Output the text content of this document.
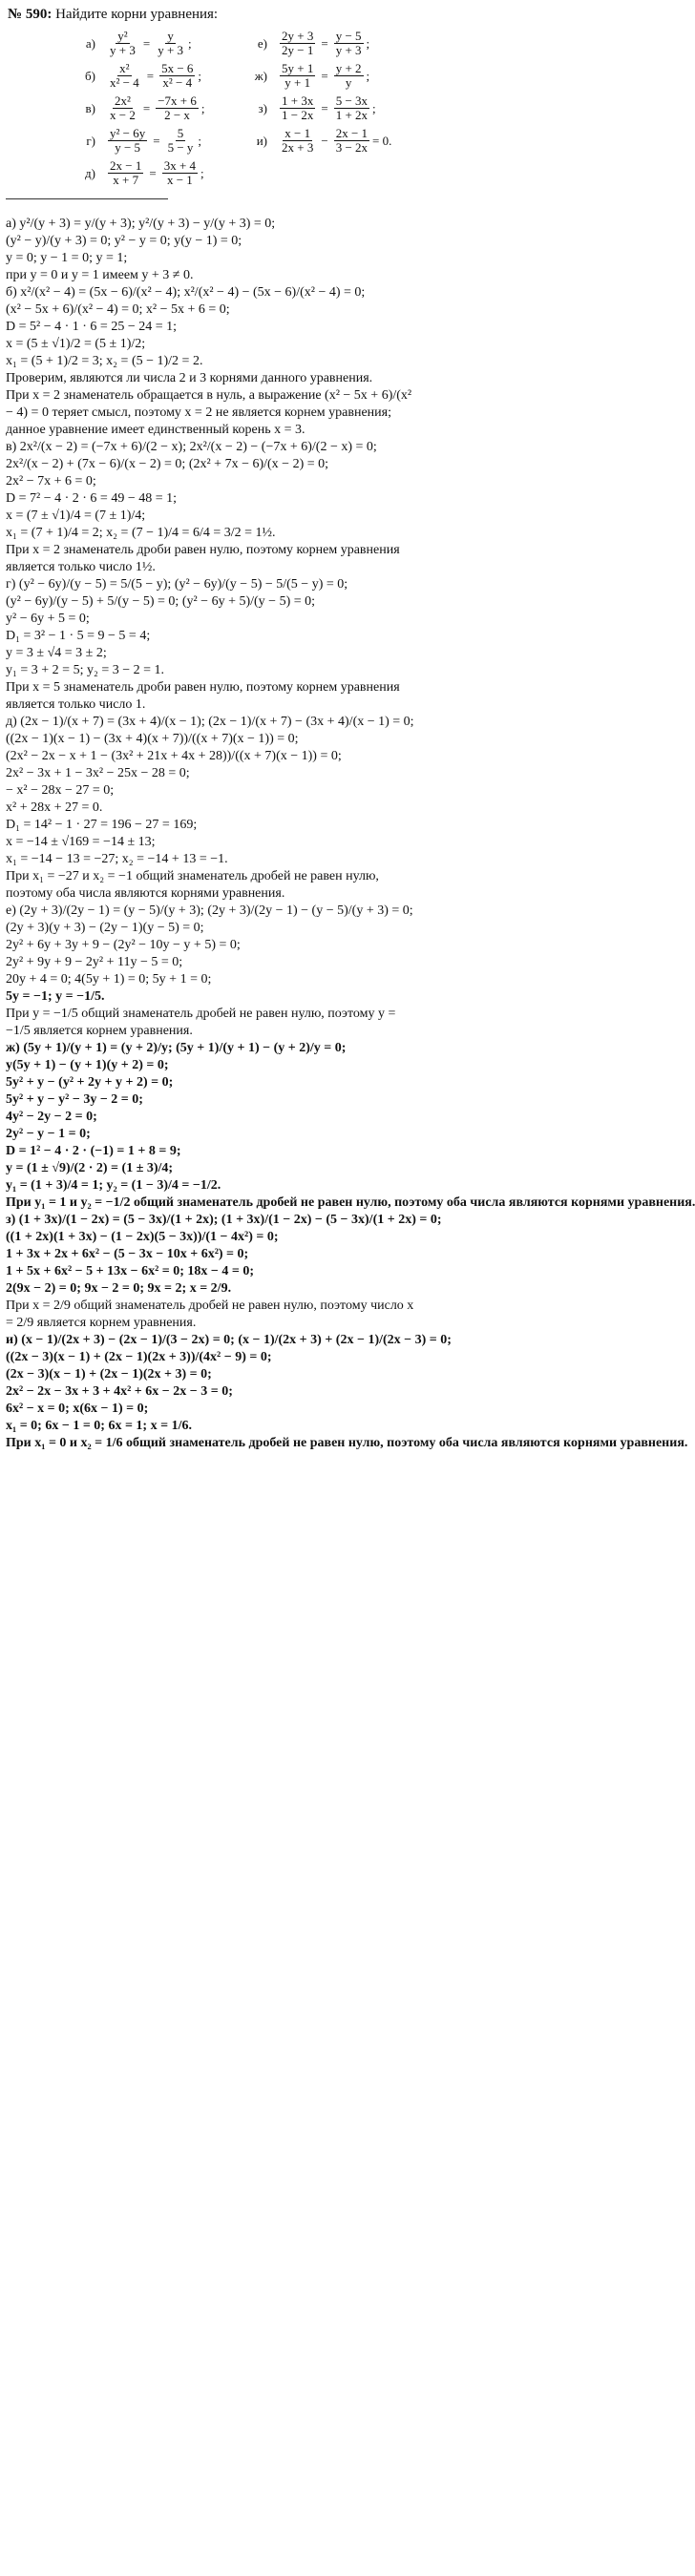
№ 590: Найдите корни уравнения:
$а) \frac{\text{y²}}{y + 3} = \frac{y}{y + 3}$ ;	$е) \frac{2y + 3}{2y - 1} = \frac{y - 5}{y + 3}$ ;
$б) \frac{\text{x²}}{\text{x² − 4}} = \frac{5x - 6}{\text{x² − 4}}$ ;	$ж) \frac{5y + 1}{y + 1} = \frac{y + 2}{y}$ ;
$в) \frac{\text{2x²}}{x - 2} = \frac{-7x + 6}{2 - x}$ ;	$з) \frac{1 + 3x}{1 - 2x} = \frac{5 - 3x}{1 + 2x}$ ;
$г) \frac{\text{y² − 6y}}{y - 5} = \frac{5}{5 - y}$ ;	$и) \frac{x - 1}{2x + 3} - \frac{2x - 1}{3 - 2x} = 0$.
$д) \frac{2x - 1}{x + 7} = \frac{3x + 4}{x - 1}$ ;
а) y²/(y + 3) = y/(y + 3); y²/(y + 3) − y/(y + 3) = 0;
(y² − y)/(y + 3) = 0; y² − y = 0; y(y − 1) = 0;
y = 0; y − 1 = 0; y = 1;
при y = 0 и y = 1 имеем y + 3 ≠ 0.
б) x²/(x² − 4) = (5x − 6)/(x² − 4); x²/(x² − 4) − (5x − 6)/(x² − 4) = 0;
(x² − 5x + 6)/(x² − 4) = 0; x² − 5x + 6 = 0;
D = 5² − 4 · 1 · 6 = 25 − 24 = 1;
x = (5 ± √1)/2 = (5 ± 1)/2;
x₁ = (5 + 1)/2 = 3; x₂ = (5 − 1)/2 = 2.
Проверим, являются ли числа 2 и 3 корнями данного уравнения.
При x = 2 знаменатель обращается в нуль, а выражение (x² − 5x + 6)/(x² − 4) = 0 теряет смысл, поэтому x = 2 не является корнем уравнения; данное уравнение имеет единственный корень x = 3.
в) 2x²/(x − 2) = (−7x + 6)/(2 − x); 2x²/(x − 2) − (−7x + 6)/(2 − x) = 0;
2x²/(x − 2) + (7x − 6)/(x − 2) = 0; (2x² + 7x − 6)/(x − 2) = 0;
2x² − 7x + 6 = 0;
D = 7² − 4 · 2 · 6 = 49 − 48 = 1;
x = (7 ± √1)/4 = (7 ± 1)/4;
x₁ = (7 + 1)/4 = 2; x₂ = (7 − 1)/4 = 6/4 = 3/2 = 1½.
При x = 2 знаменатель дроби равен нулю, поэтому корнем уравнения является только число 1½.
г) (y² − 6y)/(y − 5) = 5/(5 − y); (y² − 6y)/(y − 5) − 5/(5 − y) = 0;
(y² − 6y)/(y − 5) + 5/(y − 5) = 0; (y² − 6y + 5)/(y − 5) = 0;
y² − 6y + 5 = 0;
D₁ = 3² − 1 · 5 = 9 − 5 = 4;
y = 3 ± √4 = 3 ± 2;
y₁ = 3 + 2 = 5; y₂ = 3 − 2 = 1.
При x = 5 знаменатель дроби равен нулю, поэтому корнем уравнения является только число 1.
д) (2x − 1)/(x + 7) = (3x + 4)/(x − 1); (2x − 1)/(x + 7) − (3x + 4)/(x − 1) = 0;
((2x − 1)(x − 1) − (3x + 4)(x + 7))/((x + 7)(x − 1)) = 0;
(2x² − 2x − x + 1 − (3x² + 21x + 4x + 28))/((x + 7)(x − 1)) = 0;
2x² − 3x + 1 − 3x² − 25x − 28 = 0;
− x² − 28x − 27 = 0;
x² + 28x + 27 = 0.
D₁ = 14² − 1 · 27 = 196 − 27 = 169;
x = −14 ± √169 = −14 ± 13;
x₁ = −14 − 13 = −27; x₂ = −14 + 13 = −1.
При x₁ = −27 и x₂ = −1 общий знаменатель дробей не равен нулю, поэтому оба числа являются корнями уравнения.
е) (2y + 3)/(2y − 1) = (y − 5)/(y + 3); (2y + 3)/(2y − 1) − (y − 5)/(y + 3) = 0;
(2y + 3)(y + 3) − (2y − 1)(y − 5) = 0;
2y² + 6y + 3y + 9 − (2y² − 10y − y + 5) = 0;
2y² + 9y + 9 − 2y² + 11y − 5 = 0;
20y + 4 = 0; 4(5y + 1) = 0; 5y + 1 = 0;
5y = −1; y = −1/5.
При y = −1/5 общий знаменатель дробей не равен нулю, поэтому y = −1/5 является корнем уравнения.
ж) (5y + 1)/(y + 1) = (y + 2)/y; (5y + 1)/(y + 1) − (y + 2)/y = 0;
y(5y + 1) − (y + 1)(y + 2) = 0;
5y² + y − (y² + 2y + y + 2) = 0;
5y² + y − y² − 3y − 2 = 0;
4y² − 2y − 2 = 0;
2y² − y − 1 = 0;
D = 1² − 4 · 2 · (−1) = 1 + 8 = 9;
y = (1 ± √9)/(2 · 2) = (1 ± 3)/4;
y₁ = (1 + 3)/4 = 1; y₂ = (1 − 3)/4 = −1/2.
При y₁ = 1 и y₂ = −1/2 общий знаменатель дробей не равен нулю, поэтому оба числа являются корнями уравнения.
з) (1 + 3x)/(1 − 2x) = (5 − 3x)/(1 + 2x); (1 + 3x)/(1 − 2x) − (5 − 3x)/(1 + 2x) = 0;
((1 + 2x)(1 + 3x) − (1 − 2x)(5 − 3x))/(1 − 4x²) = 0;
1 + 3x + 2x + 6x² − (5 − 3x − 10x + 6x²) = 0;
1 + 5x + 6x² − 5 + 13x − 6x² = 0; 18x − 4 = 0;
2(9x − 2) = 0; 9x − 2 = 0; 9x = 2; x = 2/9.
При x = 2/9 общий знаменатель дробей не равен нулю, поэтому число x = 2/9 является корнем уравнения.
и) (x − 1)/(2x + 3) − (2x − 1)/(3 − 2x) = 0; (x − 1)/(2x + 3) + (2x − 1)/(2x − 3) = 0;
((2x − 3)(x − 1) + (2x − 1)(2x + 3))/(4x² − 9) = 0;
(2x − 3)(x − 1) + (2x − 1)(2x + 3) = 0;
2x² − 2x − 3x + 3 + 4x² + 6x − 2x − 3 = 0;
6x² − x = 0; x(6x − 1) = 0;
x₁ = 0; 6x − 1 = 0; 6x = 1; x = 1/6.
При x₁ = 0 и x₂ = 1/6 общий знаменатель дробей не равен нулю, поэтому оба числа являются корнями уравнения.
